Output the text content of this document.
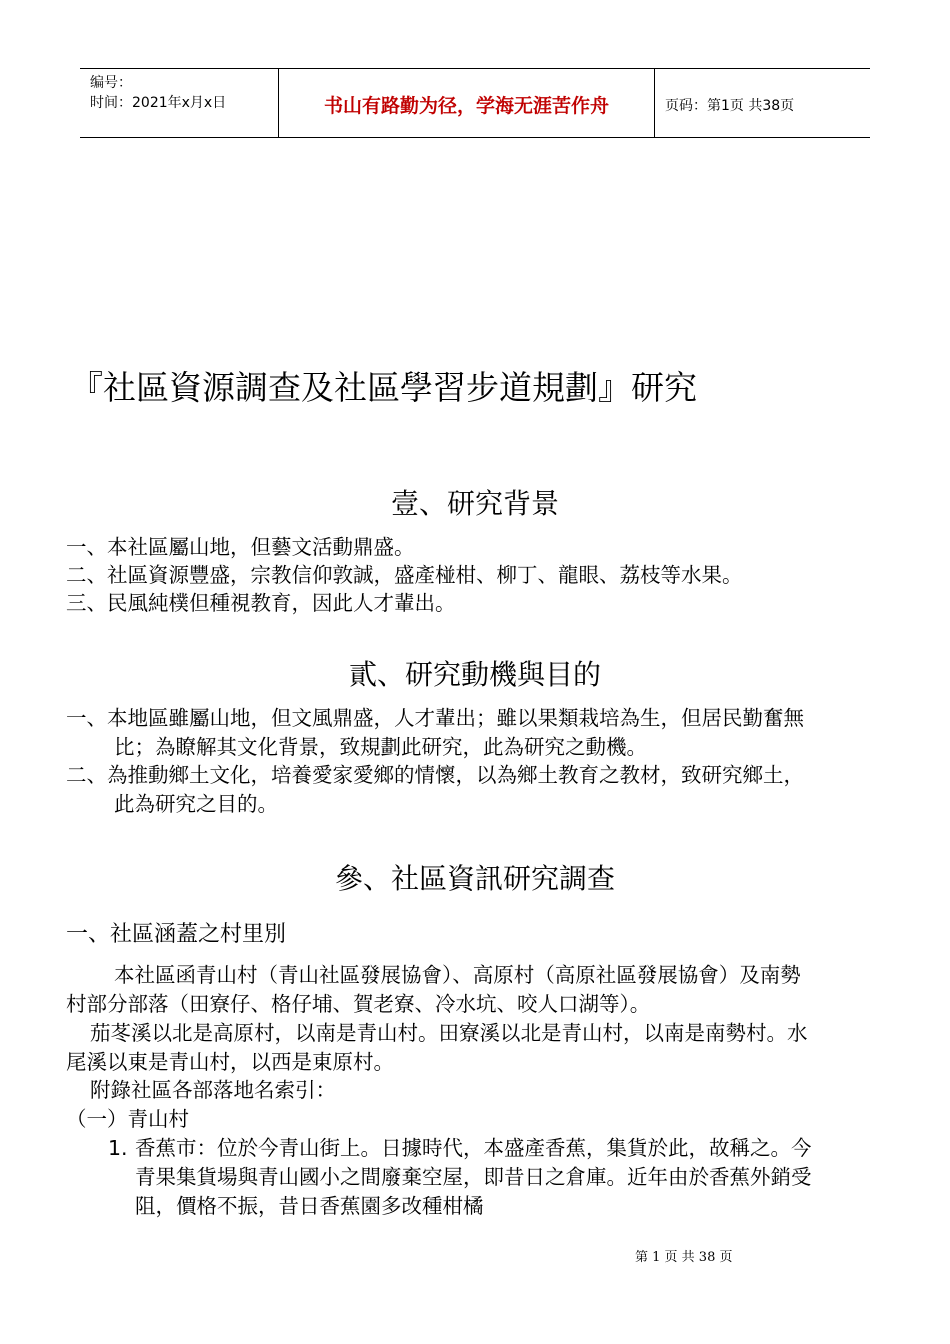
编号：
时间：2021年x月x日	书山有路勤为径，学海无涯苦作舟	页码：第1页 共38页
『社區資源調查及社區學習步道規劃』研究
壹、研究背景
一、本社區屬山地，但藝文活動鼎盛。
二、社區資源豐盛，宗教信仰敦誠，盛產椪柑、柳丁、龍眼、荔枝等水果。
三、民風純樸但種視教育，因此人才輩出。
貳、研究動機與目的
一、本地區雖屬山地，但文風鼎盛，人才輩出；雖以果類栽培為生，但居民勤奮無
比；為瞭解其文化背景，致規劃此研究，此為研究之動機。
二、為推動鄉土文化，培養愛家愛鄉的情懷，以為鄉土教育之教材，致研究鄉土，
此為研究之目的。
參、社區資訊研究調查
一、社區涵蓋之村里別
本社區函青山村（青山社區發展協會）、高原村（高原社區發展協會）及南勢
村部分部落（田寮仔、格仔埔、賀老寮、冷水坑、咬人口湖等）。
茄苳溪以北是高原村，以南是青山村。田寮溪以北是青山村，以南是南勢村。水
尾溪以東是青山村，以西是東原村。
附錄社區各部落地名索引：
（一）青山村
1. 香蕉市：位於今青山街上。日據時代，本盛產香蕉，集貨於此，故稱之。今
青果集貨場與青山國小之間廢棄空屋，即昔日之倉庫。近年由於香蕉外銷受
阻，價格不振，昔日香蕉園多改種柑橘
第 1 页 共 38 页
